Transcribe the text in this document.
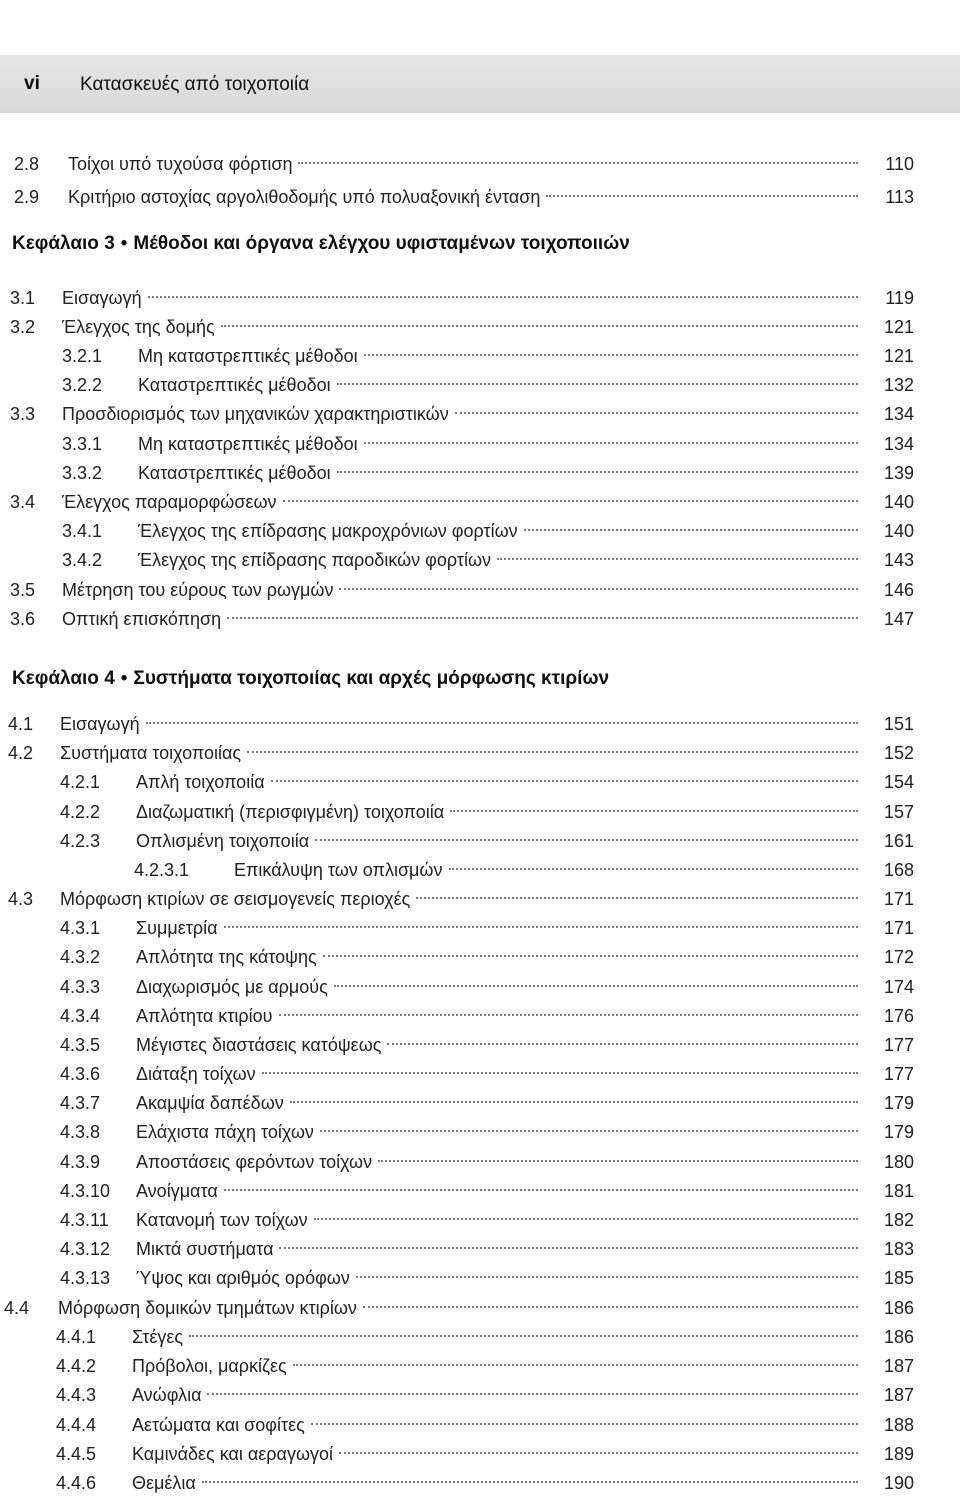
vi Κατασκευές από τοιχοποιία
Κεφάλαιο 3 • Μέθοδοι και όργανα ελέγχου υφισταμένων τοιχοποιιών
Κεφάλαιο 4 • Συστήματα τοιχοποιίας και αρχές μόρφωσης κτιρίων
2.8	Τοίχοι υπό τυχούσα φόρτιση	110
2.9	Κριτήριο αστοχίας αργολιθοδομής υπό πολυαξονική ένταση	113
3.1	Εισαγωγή	119
3.2	Έλεγχος της δομής	121
3.2.1	Μη καταστρεπτικές μέθοδοι	121
3.2.2	Καταστρεπτικές μέθοδοι	132
3.3	Προσδιορισμός των μηχανικών χαρακτηριστικών	134
3.3.1	Μη καταστρεπτικές μέθοδοι	134
3.3.2	Καταστρεπτικές μέθοδοι	139
3.4	Έλεγχος παραμορφώσεων	140
3.4.1	Έλεγχος της επίδρασης μακροχρόνιων φορτίων	140
3.4.2	Έλεγχος της επίδρασης παροδικών φορτίων	143
3.5	Μέτρηση του εύρους των ρωγμών	146
3.6	Οπτική επισκόπηση	147
4.1	Εισαγωγή	151
4.2	Συστήματα τοιχοποιίας	152
4.2.1	Απλή τοιχοποιία	154
4.2.2	Διαζωματική (περισφιγμένη) τοιχοποιία	157
4.2.3	Οπλισμένη τοιχοποιία	161
4.2.3.1	Επικάλυψη των οπλισμών	168
4.3	Μόρφωση κτιρίων σε σεισμογενείς περιοχές	171
4.3.1	Συμμετρία	171
4.3.2	Απλότητα της κάτοψης	172
4.3.3	Διαχωρισμός με αρμούς	174
4.3.4	Απλότητα κτιρίου	176
4.3.5	Μέγιστες διαστάσεις κατόψεως	177
4.3.6	Διάταξη τοίχων	177
4.3.7	Ακαμψία δαπέδων	179
4.3.8	Ελάχιστα πάχη τοίχων	179
4.3.9	Αποστάσεις φερόντων τοίχων	180
4.3.10	Ανοίγματα	181
4.3.11	Κατανομή των τοίχων	182
4.3.12	Μικτά συστήματα	183
4.3.13	Ύψος και αριθμός ορόφων	185
4.4	Μόρφωση δομικών τμημάτων κτιρίων	186
4.4.1	Στέγες	186
4.4.2	Πρόβολοι, μαρκίζες	187
4.4.3	Ανώφλια	187
4.4.4	Αετώματα και σοφίτες	188
4.4.5	Καμινάδες και αεραγωγοί	189
4.4.6	Θεμέλια	190
